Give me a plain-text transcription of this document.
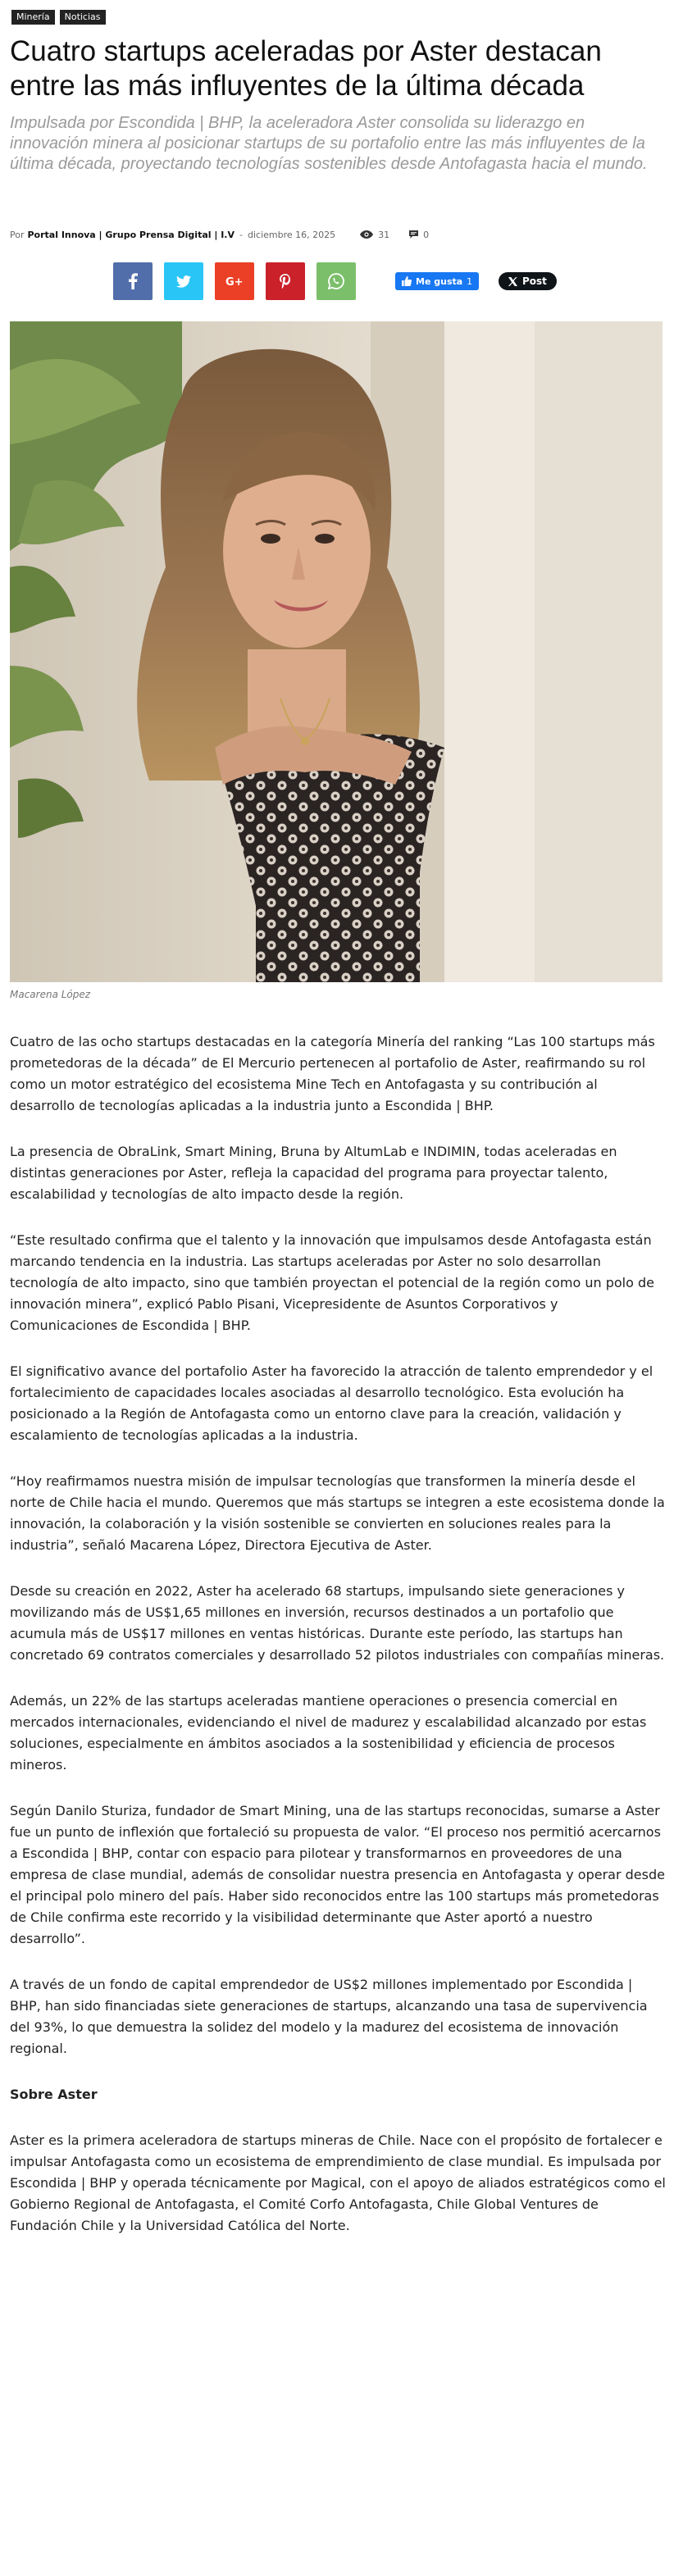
Minería	Noticias
Cuatro startups aceleradas por Aster destacan entre las más influyentes de la última década

Impulsada por Escondida | BHP, la aceleradora Aster consolida su liderazgo en innovación minera al posicionar startups de su portafolio entre las más influyentes de la última década, proyectando tecnologías sostenibles desde Antofagasta hacia el mundo.

Por Portal Innova | Grupo Prensa Digital | I.V - diciembre 16, 2025	31	0
G+	Me gusta 1	Post

Macarena López

Cuatro de las ocho startups destacadas en la categoría Minería del ranking “Las 100 startups más prometedoras de la década” de El Mercurio pertenecen al portafolio de Aster, reafirmando su rol como un motor estratégico del ecosistema Mine Tech en Antofagasta y su contribución al desarrollo de tecnologías aplicadas a la industria junto a Escondida | BHP.

La presencia de ObraLink, Smart Mining, Bruna by AltumLab e INDIMIN, todas aceleradas en distintas generaciones por Aster, refleja la capacidad del programa para proyectar talento, escalabilidad y tecnologías de alto impacto desde la región.

“Este resultado confirma que el talento y la innovación que impulsamos desde Antofagasta están marcando tendencia en la industria. Las startups aceleradas por Aster no solo desarrollan tecnología de alto impacto, sino que también proyectan el potencial de la región como un polo de innovación minera”, explicó Pablo Pisani, Vicepresidente de Asuntos Corporativos y Comunicaciones de Escondida | BHP.

El significativo avance del portafolio Aster ha favorecido la atracción de talento emprendedor y el fortalecimiento de capacidades locales asociadas al desarrollo tecnológico. Esta evolución ha posicionado a la Región de Antofagasta como un entorno clave para la creación, validación y escalamiento de tecnologías aplicadas a la industria.

“Hoy reafirmamos nuestra misión de impulsar tecnologías que transformen la minería desde el norte de Chile hacia el mundo. Queremos que más startups se integren a este ecosistema donde la innovación, la colaboración y la visión sostenible se convierten en soluciones reales para la industria”, señaló Macarena López, Directora Ejecutiva de Aster.

Desde su creación en 2022, Aster ha acelerado 68 startups, impulsando siete generaciones y movilizando más de US$1,65 millones en inversión, recursos destinados a un portafolio que acumula más de US$17 millones en ventas históricas. Durante este período, las startups han concretado 69 contratos comerciales y desarrollado 52 pilotos industriales con compañías mineras.

Además, un 22% de las startups aceleradas mantiene operaciones o presencia comercial en mercados internacionales, evidenciando el nivel de madurez y escalabilidad alcanzado por estas soluciones, especialmente en ámbitos asociados a la sostenibilidad y eficiencia de procesos mineros.

Según Danilo Sturiza, fundador de Smart Mining, una de las startups reconocidas, sumarse a Aster fue un punto de inflexión que fortaleció su propuesta de valor. “El proceso nos permitió acercarnos a Escondida | BHP, contar con espacio para pilotear y transformarnos en proveedores de una empresa de clase mundial, además de consolidar nuestra presencia en Antofagasta y operar desde el principal polo minero del país. Haber sido reconocidos entre las 100 startups más prometedoras de Chile confirma este recorrido y la visibilidad determinante que Aster aportó a nuestro desarrollo”.

A través de un fondo de capital emprendedor de US$2 millones implementado por Escondida | BHP, han sido financiadas siete generaciones de startups, alcanzando una tasa de supervivencia del 93%, lo que demuestra la solidez del modelo y la madurez del ecosistema de innovación regional.

Sobre Aster

Aster es la primera aceleradora de startups mineras de Chile. Nace con el propósito de fortalecer e impulsar Antofagasta como un ecosistema de emprendimiento de clase mundial. Es impulsada por Escondida | BHP y operada técnicamente por Magical, con el apoyo de aliados estratégicos como el Gobierno Regional de Antofagasta, el Comité Corfo Antofagasta, Chile Global Ventures de Fundación Chile y la Universidad Católica del Norte.
